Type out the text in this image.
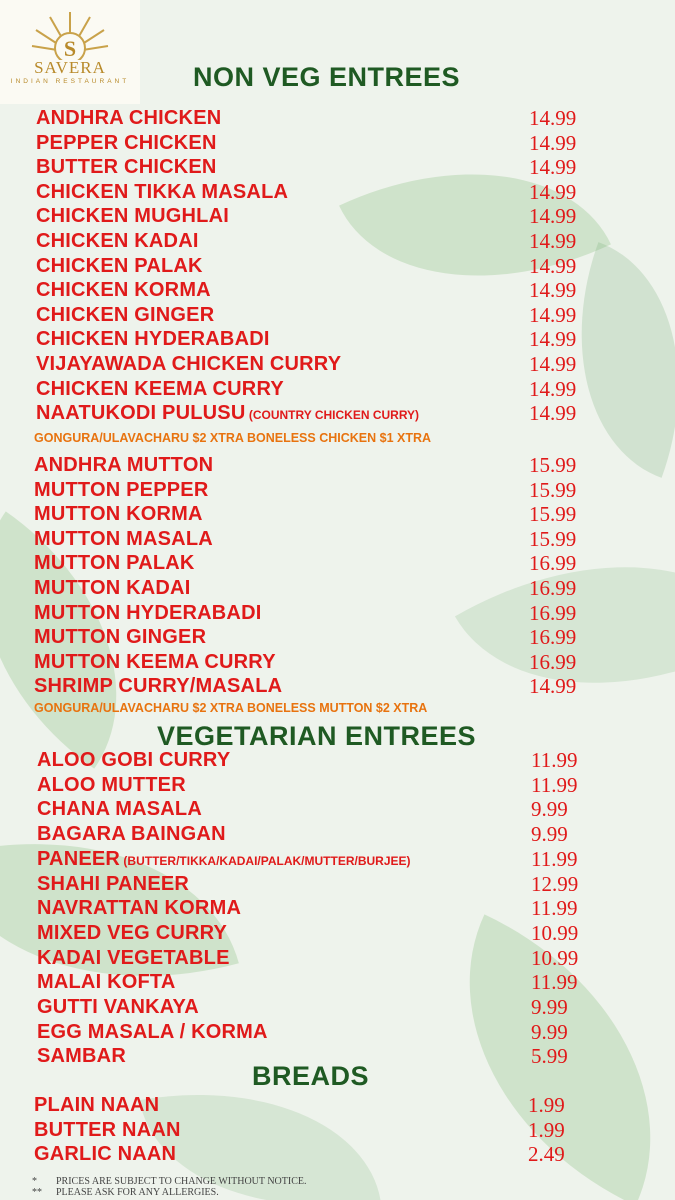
S
SAVERA
INDIAN RESTAURANT	NON VEG ENTREES
ANDHRA CHICKEN	14.99
PEPPER CHICKEN	14.99
BUTTER CHICKEN	14.99
CHICKEN TIKKA MASALA	14.99
CHICKEN MUGHLAI	14.99
CHICKEN KADAI	14.99
CHICKEN PALAK	14.99
CHICKEN KORMA	14.99
CHICKEN GINGER	14.99
CHICKEN HYDERABADI	14.99
VIJAYAWADA CHICKEN CURRY	14.99
CHICKEN KEEMA CURRY	14.99
NAATUKODI PULUSU (COUNTRY CHICKEN CURRY)	14.99
GONGURA/ULAVACHARU $2 XTRA BONELESS CHICKEN $1 XTRA
ANDHRA MUTTON	15.99
MUTTON PEPPER	15.99
MUTTON KORMA	15.99
MUTTON MASALA	15.99
MUTTON PALAK	16.99
MUTTON KADAI	16.99
MUTTON HYDERABADI	16.99
MUTTON GINGER	16.99
MUTTON KEEMA CURRY	16.99
SHRIMP CURRY/MASALA	14.99
GONGURA/ULAVACHARU $2 XTRA BONELESS MUTTON $2 XTRA
VEGETARIAN ENTREES
ALOO GOBI CURRY	11.99
ALOO MUTTER	11.99
CHANA MASALA	9.99
BAGARA BAINGAN	9.99
PANEER (BUTTER/TIKKA/KADAI/PALAK/MUTTER/BURJEE)	11.99
SHAHI PANEER	12.99
NAVRATTAN KORMA	11.99
MIXED VEG CURRY	10.99
KADAI VEGETABLE	10.99
MALAI KOFTA	11.99
GUTTI VANKAYA	9.99
EGG MASALA / KORMA	9.99
SAMBAR	5.99
BREADS
PLAIN NAAN	1.99
BUTTER NAAN	1.99
GARLIC NAAN	2.49
* PRICES ARE SUBJECT TO CHANGE WITHOUT NOTICE.
** PLEASE ASK FOR ANY ALLERGIES.
